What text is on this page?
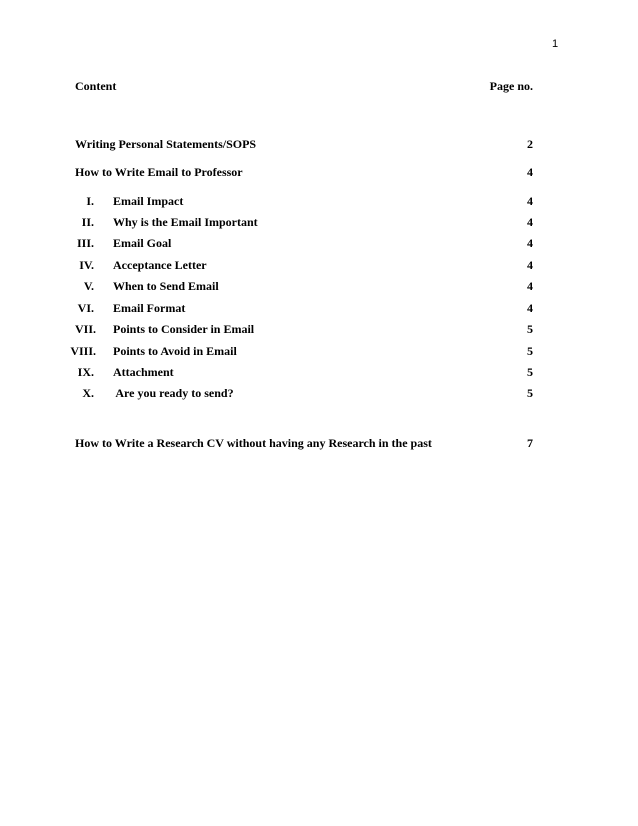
1
Content	Page no.
Writing Personal Statements/SOPS	2
How to Write Email to Professor	4
I. Email Impact	4
II. Why is the Email Important	4
III. Email Goal	4
IV. Acceptance Letter	4
V. When to Send Email	4
VI. Email Format	4
VII. Points to Consider in Email	5
VIII. Points to Avoid in Email	5
IX. Attachment	5
X. Are you ready to send?	5
How to Write a Research CV without having any Research in the past	7
